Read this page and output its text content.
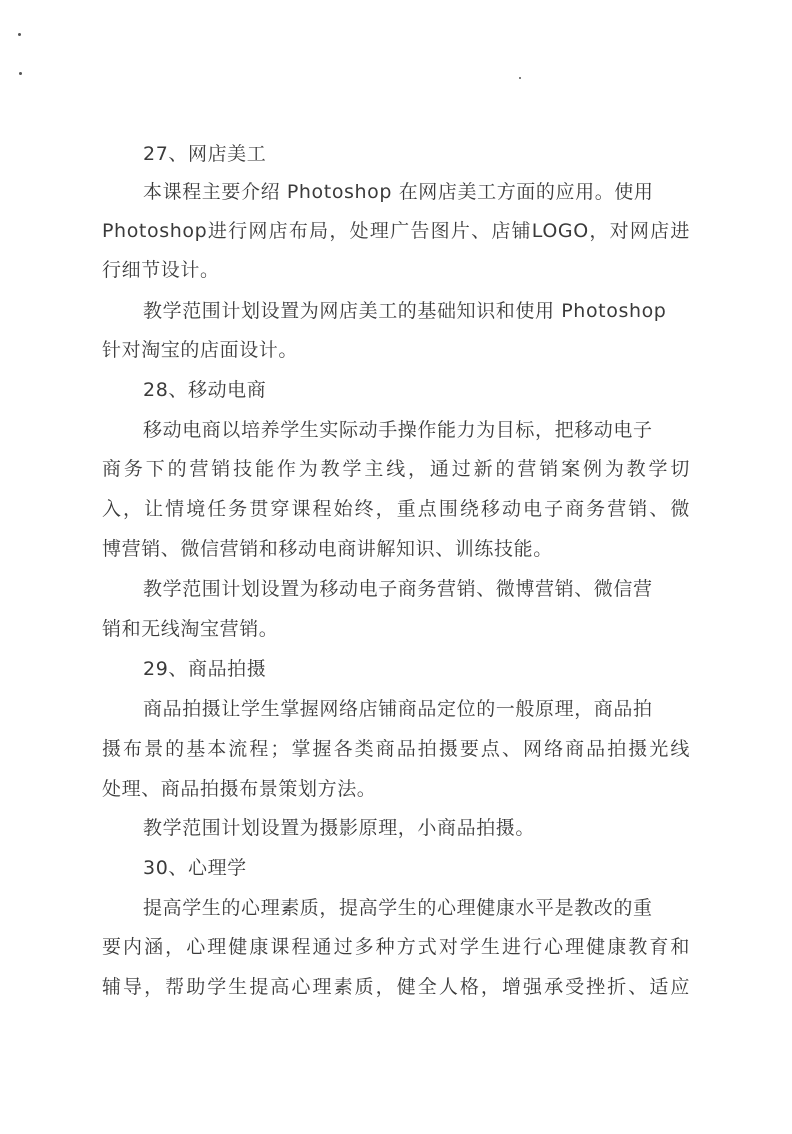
27、网店美工
本课程主要介绍 Photoshop 在网店美工方面的应用。使用
Photoshop进行网店布局，处理广告图片、店铺LOGO，对网店进
行细节设计。
教学范围计划设置为网店美工的基础知识和使用 Photoshop
针对淘宝的店面设计。
28、移动电商
移动电商以培养学生实际动手操作能力为目标，把移动电子
商务下的营销技能作为教学主线，通过新的营销案例为教学切
入，让情境任务贯穿课程始终，重点围绕移动电子商务营销、微
博营销、微信营销和移动电商讲解知识、训练技能。
教学范围计划设置为移动电子商务营销、微博营销、微信营
销和无线淘宝营销。
29、商品拍摄
商品拍摄让学生掌握网络店铺商品定位的一般原理，商品拍
摄布景的基本流程；掌握各类商品拍摄要点、网络商品拍摄光线
处理、商品拍摄布景策划方法。
教学范围计划设置为摄影原理，小商品拍摄。
30、心理学
提高学生的心理素质，提高学生的心理健康水平是教改的重
要内涵，心理健康课程通过多种方式对学生进行心理健康教育和
辅导，帮助学生提高心理素质，健全人格，增强承受挫折、适应
